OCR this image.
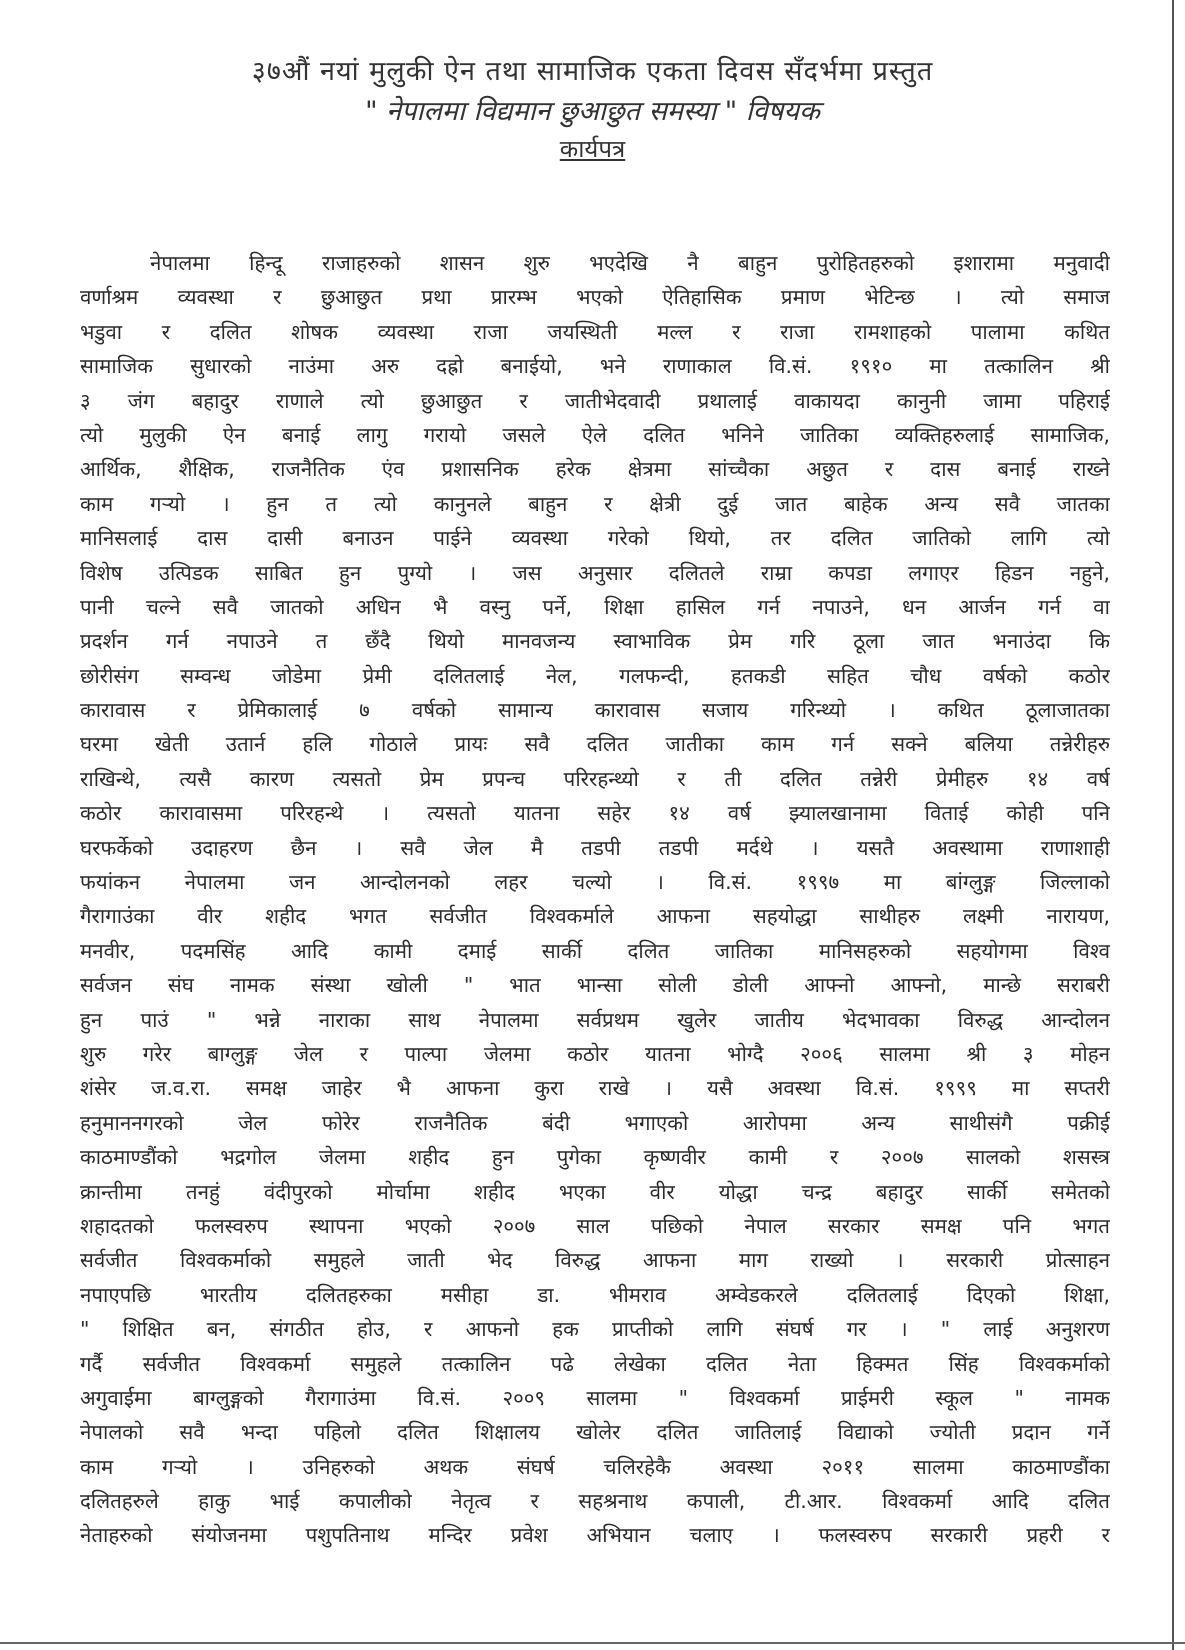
३७औं नयां मुलुकी ऐन तथा सामाजिक एकता दिवस सँदर्भमा प्रस्तुत
" नेपालमा विद्यमान छुआछुत समस्या " विषयक
कार्यपत्र
नेपालमा हिन्दू राजाहरुको शासन शुरु भएदेखि नै बाहुन पुरोहितहरुको इशारामा मनुवादी
वर्णाश्रम व्यवस्था र छुआछुत प्रथा प्रारम्भ भएको ऐतिहासिक प्रमाण भेटिन्छ । त्यो समाज
भडुवा र दलित शोषक व्यवस्था राजा जयस्थिती मल्ल र राजा रामशाहको पालामा कथित
सामाजिक सुधारको नाउंमा अरु दह्रो बनाईयो, भने राणाकाल वि.सं. १९१० मा तत्कालिन श्री
३ जंग बहादुर राणाले त्यो छुआछुत र जातीभेदवादी प्रथालाई वाकायदा कानुनी जामा पहिराई
त्यो मुलुकी ऐन बनाई लागु गरायो जसले ऐले दलित भनिने जातिका व्यक्तिहरुलाई सामाजिक,
आर्थिक, शैक्षिक, राजनैतिक एंव प्रशासनिक हरेक क्षेत्रमा सांच्चैका अछुत र दास बनाई राख्ने
काम गर्‍यो । हुन त त्यो कानुनले बाहुन र क्षेत्री दुई जात बाहेक अन्य सवै जातका
मानिसलाई दास दासी बनाउन पाईने व्यवस्था गरेको थियो, तर दलित जातिको लागि त्यो
विशेष उत्पिडक साबित हुन पुग्यो । जस अनुसार दलितले राम्रा कपडा लगाएर हिडन नहुने,
पानी चल्ने सवै जातको अधिन भै वस्नु पर्ने, शिक्षा हासिल गर्न नपाउने, धन आर्जन गर्न वा
प्रदर्शन गर्न नपाउने त छँदै थियो मानवजन्य स्वाभाविक प्रेम गरि ठूला जात भनाउंदा कि
छोरीसंग सम्वन्ध जोडेमा प्रेमी दलितलाई नेल, गलफन्दी, हतकडी सहित चौध वर्षको कठोर
कारावास र प्रेमिकालाई ७ वर्षको सामान्य कारावास सजाय गरिन्थ्यो । कथित ठूलाजातका
घरमा खेती उतार्न हलि गोठाले प्रायः सवै दलित जातीका काम गर्न सक्ने बलिया तन्नेरीहरु
राखिन्थे, त्यसै कारण त्यसतो प्रेम प्रपन्च परिरहन्थ्यो र ती दलित तन्नेरी प्रेमीहरु १४ वर्ष
कठोर कारावासमा परिरहन्थे । त्यसतो यातना सहेर १४ वर्ष झ्यालखानामा विताई कोही पनि
घरफर्केको उदाहरण छैन । सवै जेल मै तडपी तडपी मर्दथे । यसतै अवस्थामा राणाशाही
फयांकन नेपालमा जन आन्दोलनको लहर चल्यो । वि.सं. १९९७ मा बांग्लुङ्ग जिल्लाको
गैरागाउंका वीर शहीद भगत सर्वजीत विश्वकर्माले आफना सहयोद्धा साथीहरु लक्ष्मी नारायण,
मनवीर, पदमसिंह आदि कामी दमाई सार्की दलित जातिका मानिसहरुको सहयोगमा विश्व
सर्वजन संघ नामक संस्था खोली " भात भान्सा सोली डोली आफ्नो आफ्नो, मान्छे सराबरी
हुन पाउं " भन्ने नाराका साथ नेपालमा सर्वप्रथम खुलेर जातीय भेदभावका विरुद्ध आन्दोलन
शुरु गरेर बाग्लुङ्ग जेल र पाल्पा जेलमा कठोर यातना भोग्दै २००६ सालमा श्री ३ मोहन
शंसेर ज.व.रा. समक्ष जाहेर भै आफना कुरा राखे । यसै अवस्था वि.सं. १९९९ मा सप्तरी
हनुमाननगरको जेल फोरेर राजनैतिक बंदी भगाएको आरोपमा अन्य साथीसंगै पक्रीई
काठमाण्डौंको भद्रगोल जेलमा शहीद हुन पुगेका कृष्णवीर कामी र २००७ सालको शसस्त्र
क्रान्तीमा तनहुं वंदीपुरको मोर्चामा शहीद भएका वीर योद्धा चन्द्र बहादुर सार्की समेतको
शहादतको फलस्वरुप स्थापना भएको २००७ साल पछिको नेपाल सरकार समक्ष पनि भगत
सर्वजीत विश्वकर्माको समुहले जाती भेद विरुद्ध आफना माग राख्यो । सरकारी प्रोत्साहन
नपाएपछि भारतीय दलितहरुका मसीहा डा. भीमराव अम्वेडकरले दलितलाई दिएको शिक्षा,
" शिक्षित बन, संगठीत होउ, र आफनो हक प्राप्तीको लागि संघर्ष गर । " लाई अनुशरण
गर्दै सर्वजीत विश्वकर्मा समुहले तत्कालिन पढे लेखेका दलित नेता हिक्मत सिंह विश्वकर्माको
अगुवाईमा बाग्लुङ्गको गैरागाउंमा वि.सं. २००९ सालमा " विश्वकर्मा प्राईमरी स्कूल " नामक
नेपालको सवै भन्दा पहिलो दलित शिक्षालय खोलेर दलित जातिलाई विद्याको ज्योती प्रदान गर्ने
काम गर्‍यो । उनिहरुको अथक संघर्ष चलिरहेकै अवस्था २०११ सालमा काठमाण्डौंका
दलितहरुले हाकु भाई कपालीको नेतृत्व र सहश्रनाथ कपाली, टी.आर. विश्वकर्मा आदि दलित
नेताहरुको संयोजनमा पशुपतिनाथ मन्दिर प्रवेश अभियान चलाए । फलस्वरुप सरकारी प्रहरी र
